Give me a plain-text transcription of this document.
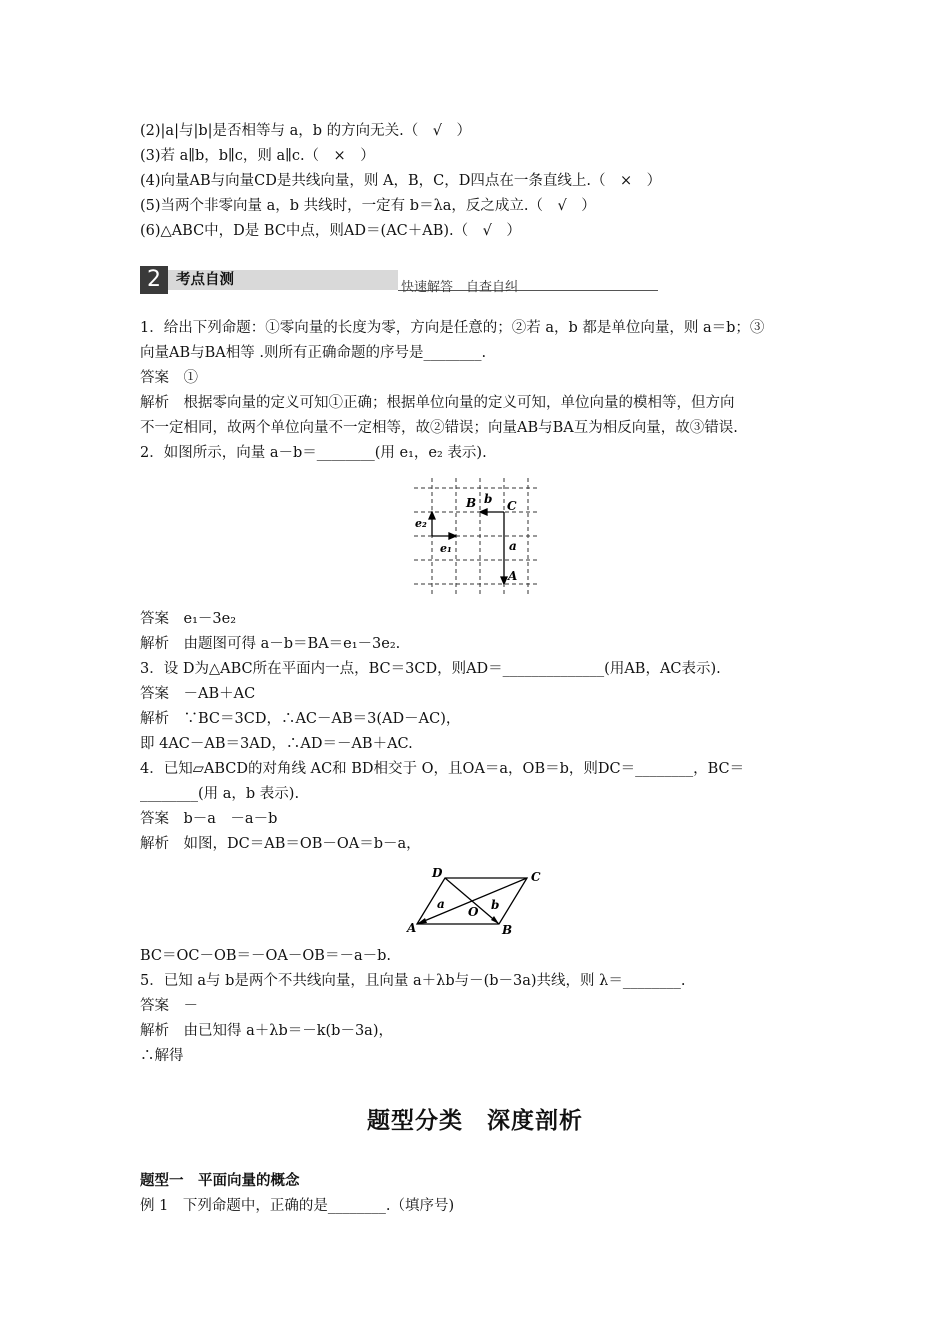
(2)|a|与|b|是否相等与 a，b 的方向无关.（　√　）
(3)若 a∥b，b∥c，则 a∥c.（　×　）
(4)向量AB与向量CD是共线向量，则 A，B，C，D四点在一条直线上.（　×　）
(5)当两个非零向量 a，b 共线时，一定有 b＝λa，反之成立.（　√　）
(6)△ABC中，D是 BC中点，则AD＝(AC＋AB).（　√　）
2	考点自测	快速解答　自查自纠
1．给出下列命题：①零向量的长度为零，方向是任意的；②若 a，b 都是单位向量，则 a＝b；③
向量AB与BA相等 .则所有正确命题的序号是________.
答案　①
解析　根据零向量的定义可知①正确；根据单位向量的定义可知，单位向量的模相等，但方向
不一定相同，故两个单位向量不一定相等，故②错误；向量AB与BA互为相反向量，故③错误.
2．如图所示，向量 a－b＝________(用 e₁，e₂ 表示).
B b C
e₂
e₁	a
A
答案　e₁－3e₂
解析　由题图可得 a－b＝BA＝e₁－3e₂.
3．设 D为△ABC所在平面内一点，BC＝3CD，则AD＝______________(用AB，AC表示).
答案　－AB＋AC
解析　∵BC＝3CD，∴AC－AB＝3(AD－AC)，
即 4AC－AB＝3AD，∴AD＝－AB＋AC.
4．已知▱ABCD的对角线 AC和 BD相交于 O，且OA＝a，OB＝b，则DC＝________，BC＝
________(用 a，b 表示).
答案　b－a　－a－b
解析　如图，DC＝AB＝OB－OA＝b－a，
D	C
A	B
O
a	b
BC＝OC－OB＝－OA－OB＝－a－b.
5．已知 a与 b是两个不共线向量，且向量 a＋λb与－(b－3a)共线，则 λ＝________.
答案　－
解析　由已知得 a＋λb＝－k(b－3a)，
∴解得
题型分类　深度剖析
题型一　平面向量的概念
例 1　下列命题中，正确的是________.（填序号)
